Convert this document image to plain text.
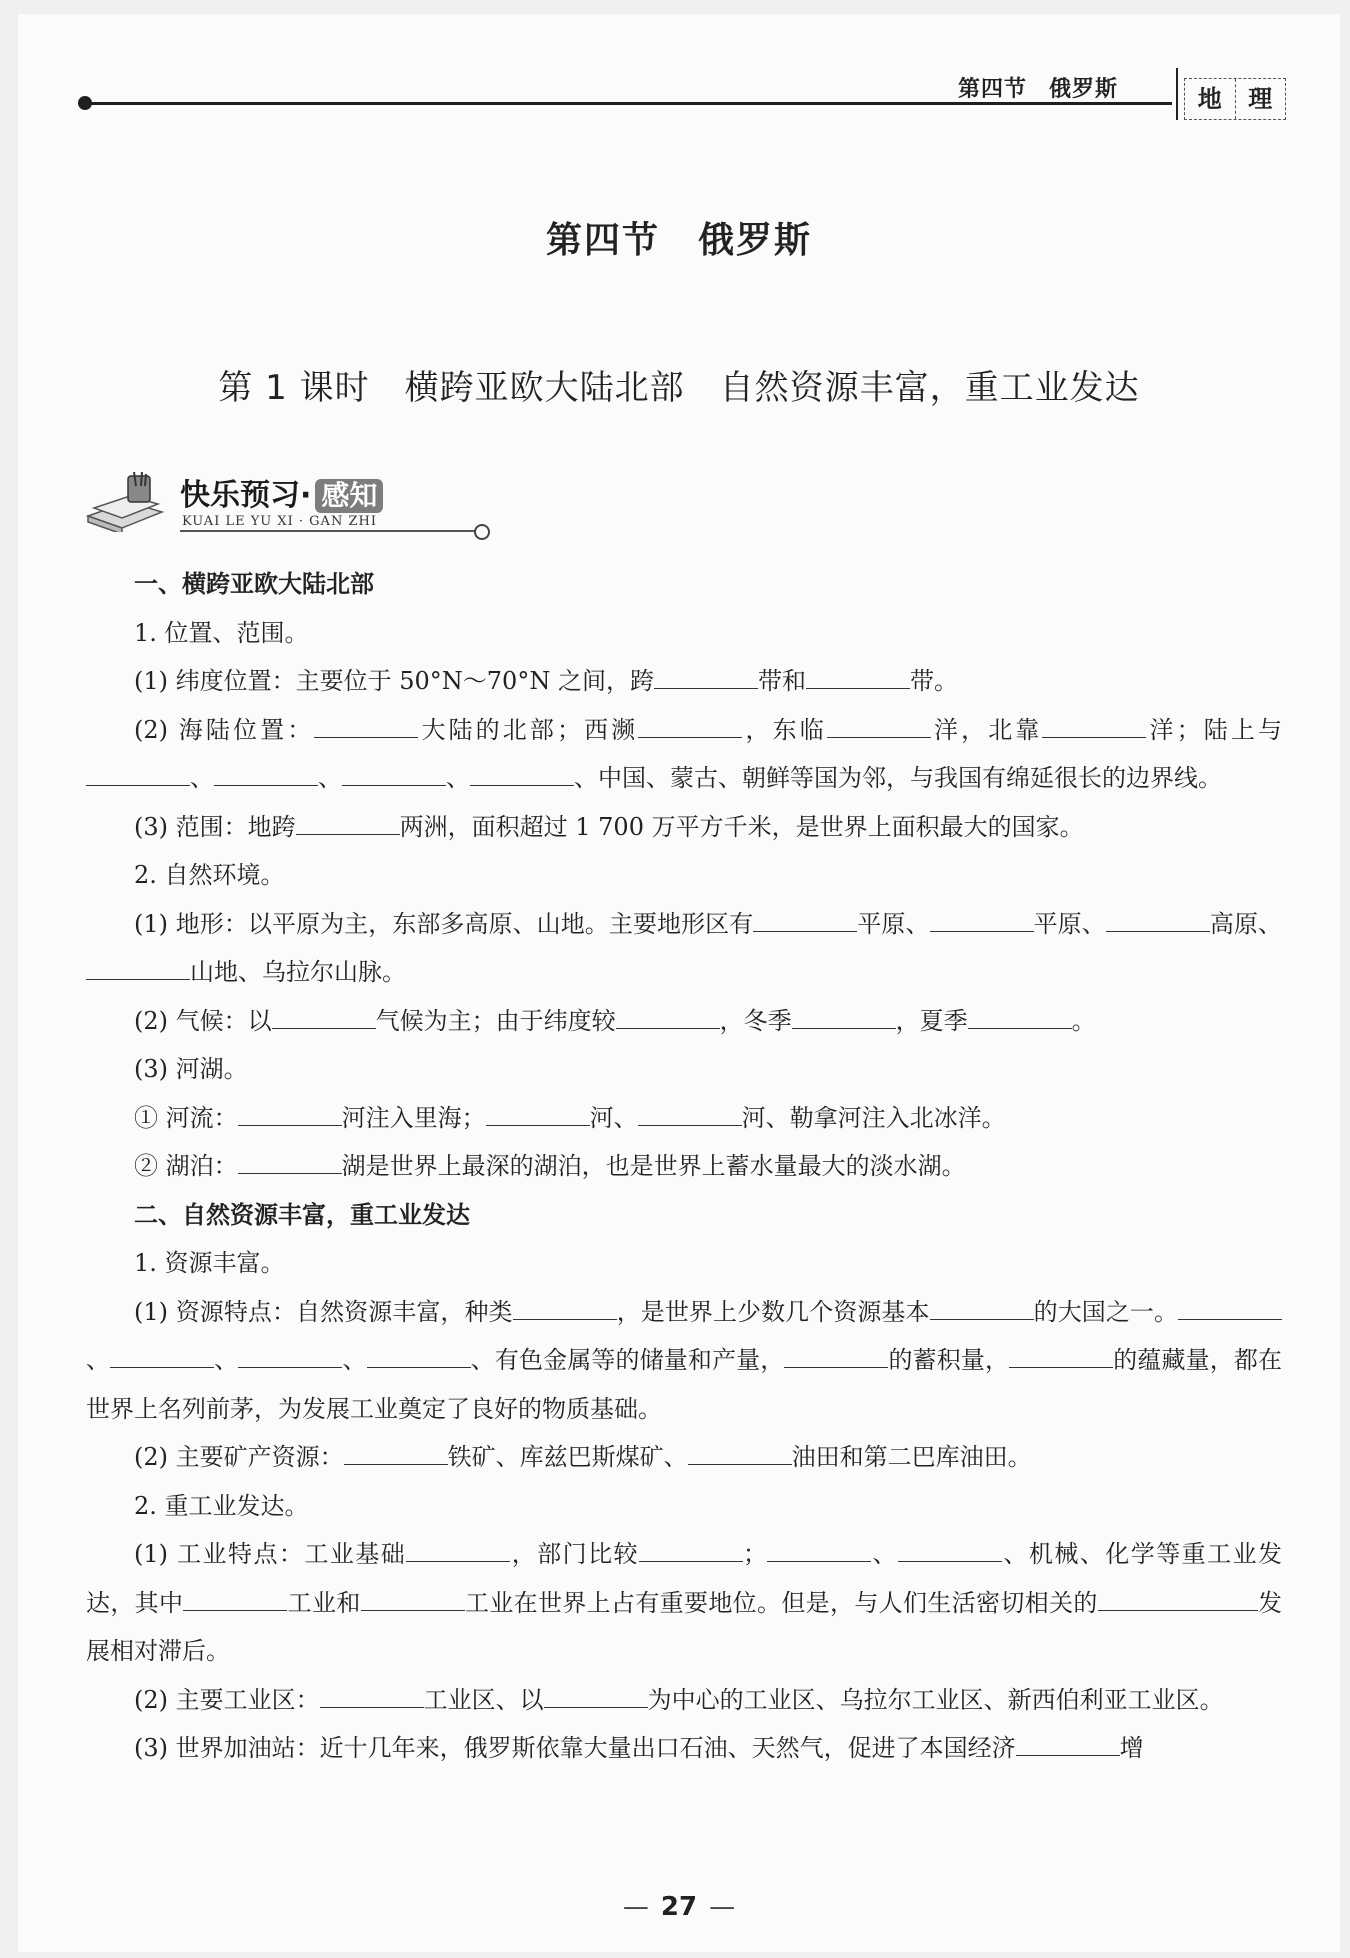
第四节 俄罗斯	地	理
第四节　俄罗斯
第 1 课时　横跨亚欧大陆北部　自然资源丰富，重工业发达
快乐预习· 感知
KUAI LE YU XI · GAN ZHI

一、横跨亚欧大陆北部

1. 位置、范围。

(1) 纬度位置：主要位于 50°N～70°N 之间，跨	带和	带。

(2) 海陆位置：	大陆的北部；西濒	，东临	洋，北靠	洋；陆上与、	、	、	、中国、蒙古、朝鲜等国为邻，与我国有绵延很长的边界线。

(3) 范围：地跨	两洲，面积超过 1 700 万平方千米，是世界上面积最大的国家。

2. 自然环境。

(1) 地形：以平原为主，东部多高原、山地。主要地形区有	平原、	平原、	高原、山地、乌拉尔山脉。

(2) 气候：以	气候为主；由于纬度较	，冬季	，夏季	。

(3) 河湖。

① 河流：	河注入里海；	河、	河、勒拿河注入北冰洋。

② 湖泊：	湖是世界上最深的湖泊，也是世界上蓄水量最大的淡水湖。

二、自然资源丰富，重工业发达

1. 资源丰富。

(1) 资源特点：自然资源丰富，种类	，是世界上少数几个资源基本	的大国之一。、	、	、	、有色金属等的储量和产量，	的蓄积量，	的蕴藏量，都在世界上名列前茅，为发展工业奠定了良好的物质基础。

(2) 主要矿产资源：	铁矿、库兹巴斯煤矿、	油田和第二巴库油田。

2. 重工业发达。

(1) 工业特点：工业基础	，部门比较	；	、	、机械、化学等重工业发达，其中	工业和	工业在世界上占有重要地位。但是，与人们生活密切相关的	发展相对滞后。

(2) 主要工业区：	工业区、以	为中心的工业区、乌拉尔工业区、新西伯利亚工业区。

(3) 世界加油站：近十几年来，俄罗斯依靠大量出口石油、天然气，促进了本国经济	增

— 27 —
